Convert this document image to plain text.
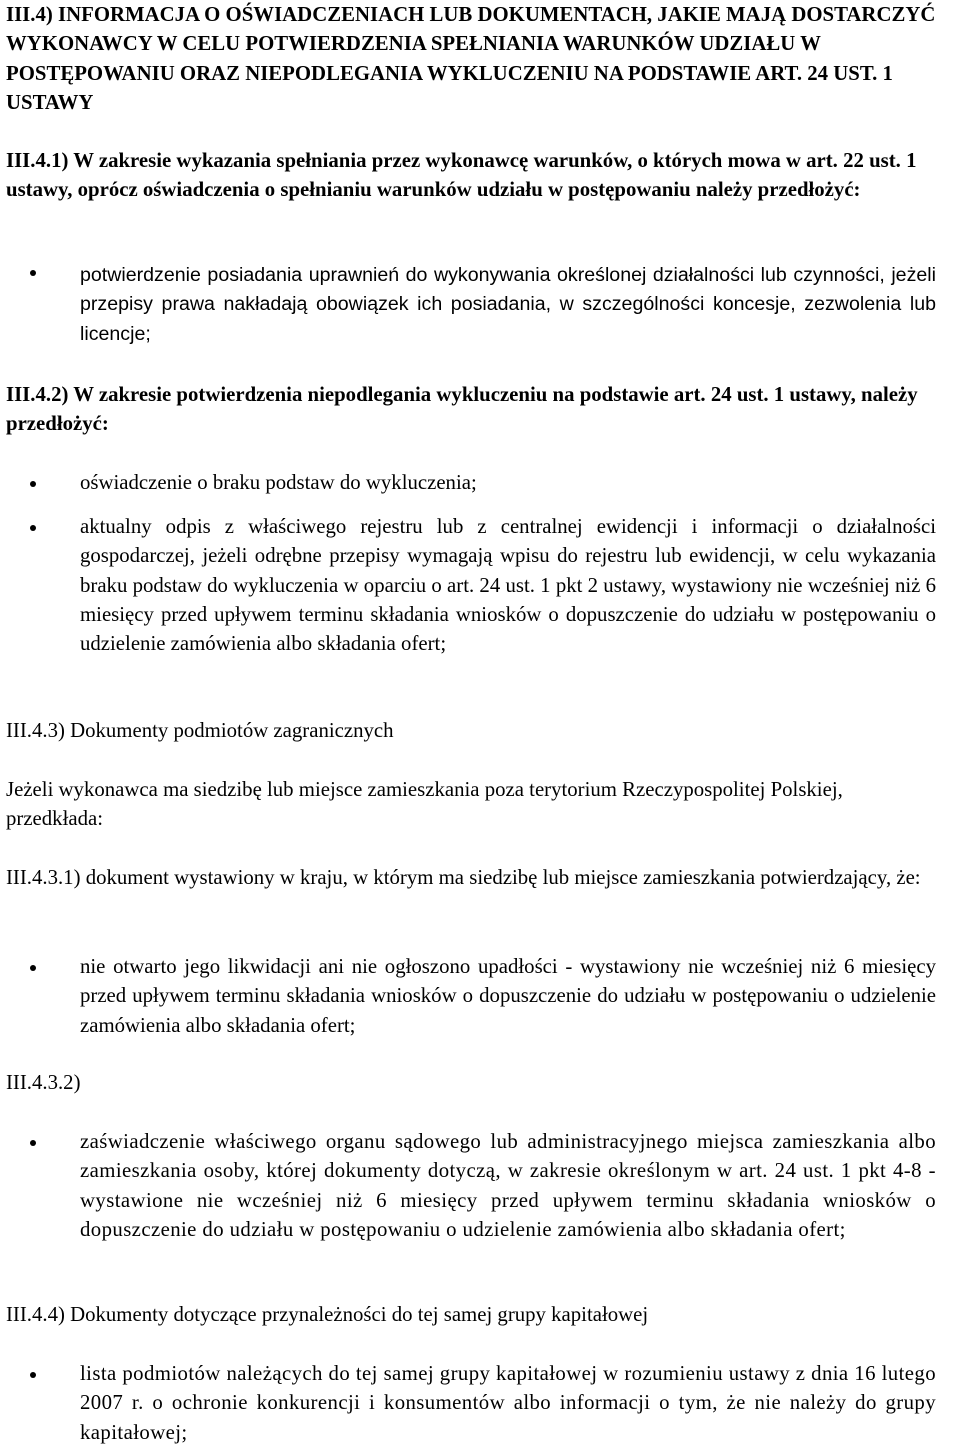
III.4) INFORMACJA O OŚWIADCZENIACH LUB DOKUMENTACH, JAKIE MAJĄ DOSTARCZYĆ WYKONAWCY W CELU POTWIERDZENIA SPEŁNIANIA WARUNKÓW UDZIAŁU W POSTĘPOWANIU ORAZ NIEPODLEGANIA WYKLUCZENIU NA PODSTAWIE ART. 24 UST. 1 USTAWY
III.4.1) W zakresie wykazania spełniania przez wykonawcę warunków, o których mowa w art. 22 ust. 1 ustawy, oprócz oświadczenia o spełnianiu warunków udziału w postępowaniu należy przedłożyć:
potwierdzenie posiadania uprawnień do wykonywania określonej działalności lub czynności, jeżeli przepisy prawa nakładają obowiązek ich posiadania, w szczególności koncesje, zezwolenia lub licencje;
III.4.2) W zakresie potwierdzenia niepodlegania wykluczeniu na podstawie art. 24 ust. 1 ustawy, należy przedłożyć:
oświadczenie o braku podstaw do wykluczenia;
aktualny odpis z właściwego rejestru lub z centralnej ewidencji i informacji o działalności gospodarczej, jeżeli odrębne przepisy wymagają wpisu do rejestru lub ewidencji, w celu wykazania braku podstaw do wykluczenia w oparciu o art. 24 ust. 1 pkt 2 ustawy, wystawiony nie wcześniej niż 6 miesięcy przed upływem terminu składania wniosków o dopuszczenie do udziału w postępowaniu o udzielenie zamówienia albo składania ofert;
III.4.3) Dokumenty podmiotów zagranicznych
Jeżeli wykonawca ma siedzibę lub miejsce zamieszkania poza terytorium Rzeczypospolitej Polskiej, przedkłada:
III.4.3.1) dokument wystawiony w kraju, w którym ma siedzibę lub miejsce zamieszkania potwierdzający, że:
nie otwarto jego likwidacji ani nie ogłoszono upadłości - wystawiony nie wcześniej niż 6 miesięcy przed upływem terminu składania wniosków o dopuszczenie do udziału w postępowaniu o udzielenie zamówienia albo składania ofert;
III.4.3.2)
zaświadczenie właściwego organu sądowego lub administracyjnego miejsca zamieszkania albo zamieszkania osoby, której dokumenty dotyczą, w zakresie określonym w art. 24 ust. 1 pkt 4-8 - wystawione nie wcześniej niż 6 miesięcy przed upływem terminu składania wniosków o dopuszczenie do udziału w postępowaniu o udzielenie zamówienia albo składania ofert;
III.4.4) Dokumenty dotyczące przynależności do tej samej grupy kapitałowej
lista podmiotów należących do tej samej grupy kapitałowej w rozumieniu ustawy z dnia 16 lutego 2007 r. o ochronie konkurencji i konsumentów albo informacji o tym, że nie należy do grupy kapitałowej;
